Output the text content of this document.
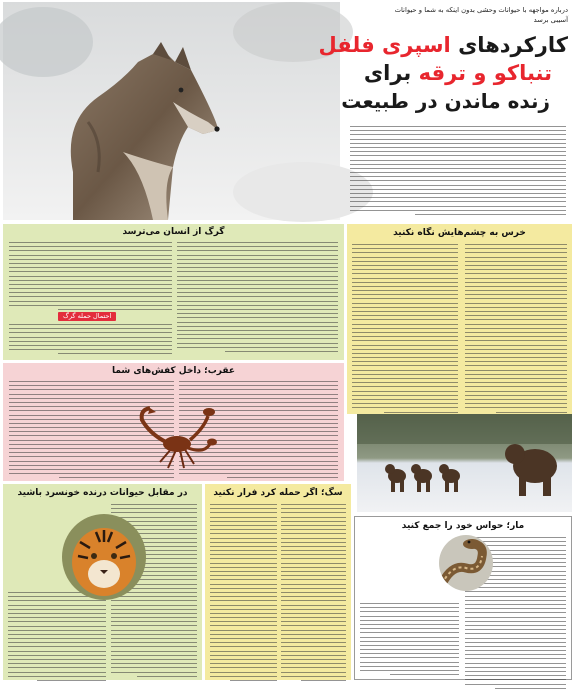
درباره مواجهه با حیوانات وحشی بدون اینکه به شما و حیوانات
آسیبی برسد
کارکردهای اسپری فلفل
تنباکو و ترقه برای
زنده ماندن در طبیعت
گرگ از انسان می‌ترسد
احتمال حمله گرگ
خرس به چشم‌هایش نگاه نکنید
عقرب؛ داخل کفش‌های شما
در مقابل حیوانات درنده خونسرد باشید	سگ؛ اگر حمله کرد فرار نکنید
مار؛ حواس خود را جمع کنید
